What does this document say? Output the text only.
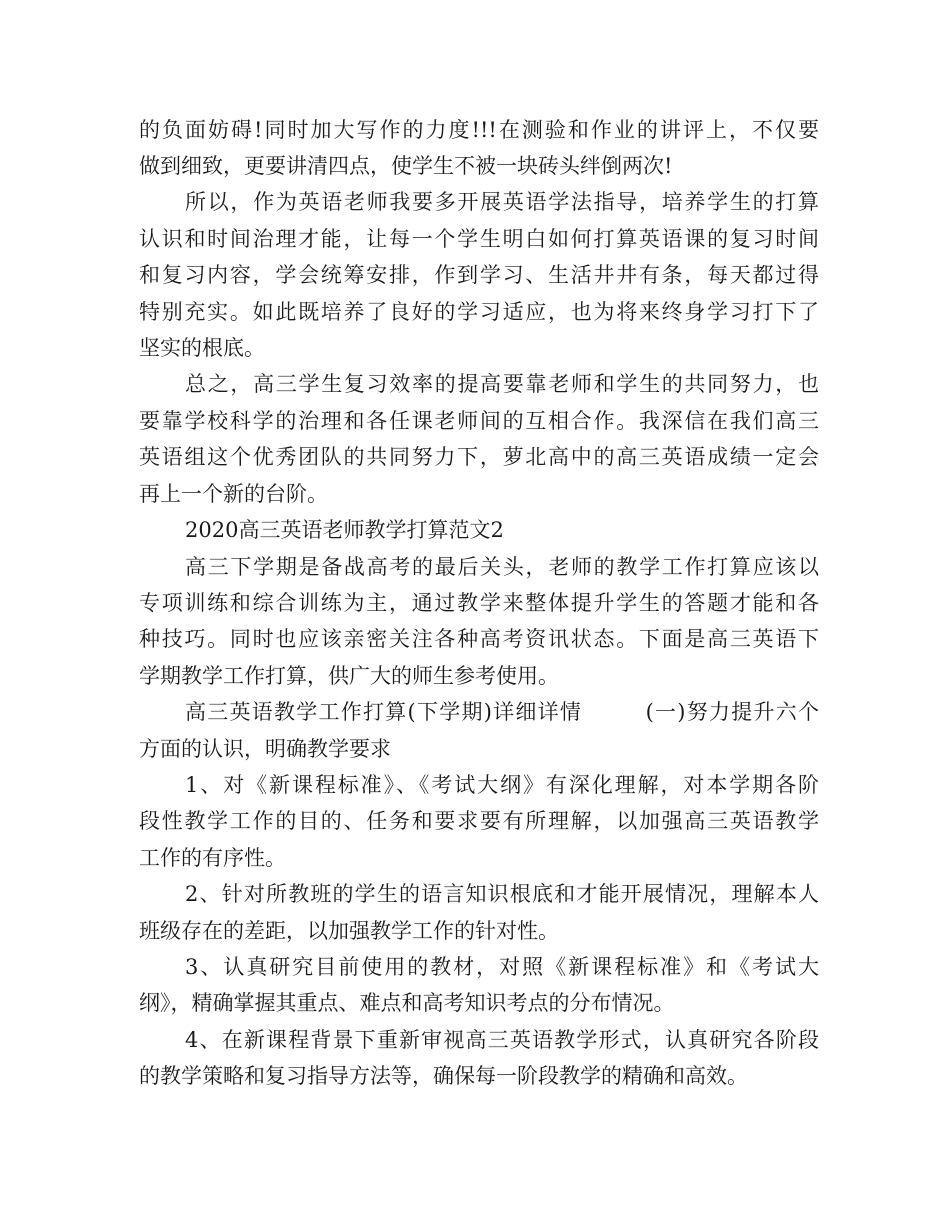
的负面妨碍!同时加大写作的力度!!!在测验和作业的讲评上，不仅要
做到细致，更要讲清四点，使学生不被一块砖头绊倒两次!
所以，作为英语老师我要多开展英语学法指导，培养学生的打算
认识和时间治理才能，让每一个学生明白如何打算英语课的复习时间
和复习内容，学会统筹安排，作到学习、生活井井有条，每天都过得
特别充实。如此既培养了良好的学习适应，也为将来终身学习打下了
坚实的根底。
总之，高三学生复习效率的提高要靠老师和学生的共同努力，也
要靠学校科学的治理和各任课老师间的互相合作。我深信在我们高三
英语组这个优秀团队的共同努力下，萝北高中的高三英语成绩一定会
再上一个新的台阶。
2020高三英语老师教学打算范文2
高三下学期是备战高考的最后关头，老师的教学工作打算应该以
专项训练和综合训练为主，通过教学来整体提升学生的答题才能和各
种技巧。同时也应该亲密关注各种高考资讯状态。下面是高三英语下
学期教学工作打算，供广大的师生参考使用。
高三英语教学工作打算(下学期)详细详情        (一)努力提升六个
方面的认识，明确教学要求
1、对《新课程标准》、《考试大纲》有深化理解，对本学期各阶
段性教学工作的目的、任务和要求要有所理解，以加强高三英语教学
工作的有序性。
2、针对所教班的学生的语言知识根底和才能开展情况，理解本人
班级存在的差距，以加强教学工作的针对性。
3、认真研究目前使用的教材，对照《新课程标准》和《考试大
纲》，精确掌握其重点、难点和高考知识考点的分布情况。
4、在新课程背景下重新审视高三英语教学形式，认真研究各阶段
的教学策略和复习指导方法等，确保每一阶段教学的精确和高效。
